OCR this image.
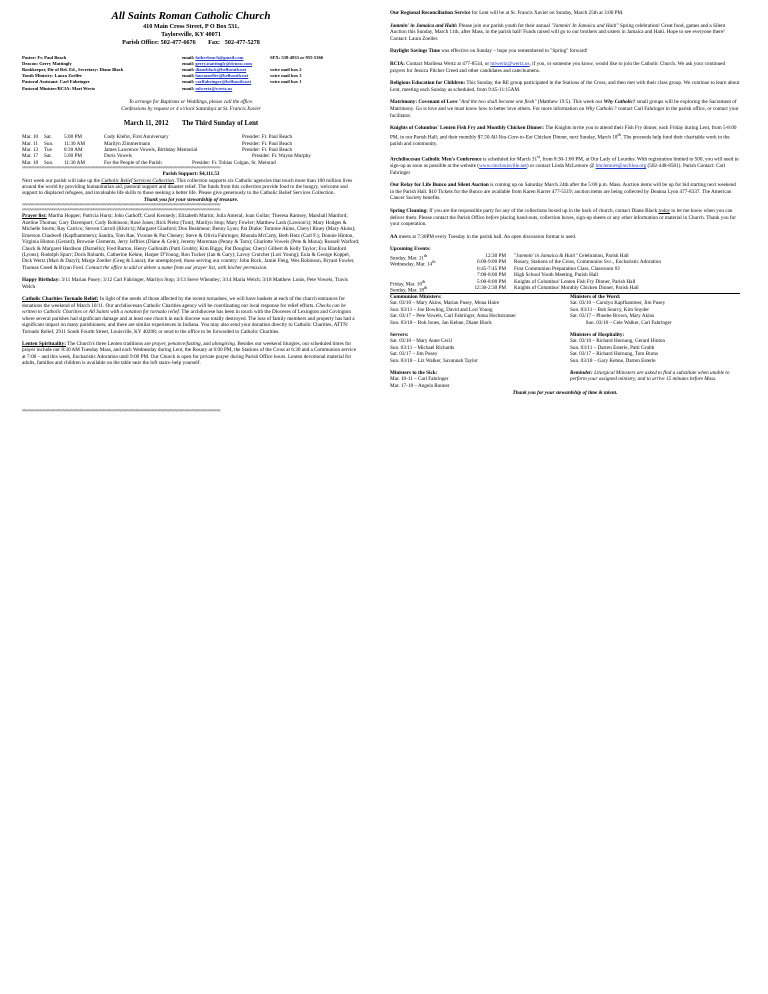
All Saints Roman Catholic Church

410 Main Cross Street, P O Box 531,

Taylorsville, KY 40071

Parish Office: 502-477-6676        Fax:   502-477-5278

Pastor: Fr. Paul Beach	email: fatherbeach@gmail.com	SFX: 538-4933 or 955-5366
Deacon: Gerry Mattingly	email: gerry.mattingly@dcnow.com
Bookkeeper, Dir of Rel. Ed., Secretary: Diane Black	email: dianeblack@bellsouth.net	voice mail box 2
Youth Ministry: Laura Zoeller	email: laurazoeller@bellsouth.net	voice mail box 3
Pastoral Assistant: Carl Fahringer	email: carlfahringer@bellsouth.net	voice mail box 1
Pastoral Minister/RCIA: Mari Wertz	email: mlwertz@wertz.us

To arrange for Baptisms or Weddings, please call the office.

Confessions by request or 4 o'clock Saturdays at St. Francis Xavier

March 11, 2012        The Third Sunday of Lent

Mar. 10 Sat. 5:00 PM	Cody Klefot, First Anniversary	Presider: Fr. Paul Beach
Mar. 11 Sun. 11:30 AM	Marilyn Zimmermann	Presider: Fr. Paul Beach
Mar. 13 Tue 8:30 AM	James Lawrence Vowels, Birthday Memorial	Presider: Fr. Paul Beach
Mar. 17 Sat. 5:00 PM	Doris Vowels	Presider: Fr. Wayne Murphy
Mar. 18 Sun. 11:30 AM	For the People of the Parish	Presider: Fr. Tobias Colgan, St. Meinrad
≈≈≈≈≈≈≈≈≈≈≈≈≈≈≈≈≈≈≈≈≈≈≈≈≈≈≈≈≈≈≈≈≈≈≈≈≈≈≈≈≈≈≈≈≈≈≈≈≈≈≈≈≈≈≈≈≈≈≈≈≈≈≈≈≈≈≈≈≈≈≈≈≈≈≈≈≈≈

Parish Support: $4,111.53

Next week our parish will take up the Catholic Relief Services Collection. This collection supports six Catholic agencies that touch more than 100 million lives around the world by providing humanitarian aid, pastoral support and disaster relief. The funds from this collection provide food to the hungry, welcome and support to displaced refugees, and invaluable life skills to those seeking a better life. Please give generously to the Catholic Relief Services Collection.

Thank you for your stewardship of treasure.

≈≈≈≈≈≈≈≈≈≈≈≈≈≈≈≈≈≈≈≈≈≈≈≈≈≈≈≈≈≈≈≈≈≈≈≈≈≈≈≈≈≈≈≈≈≈≈≈≈≈≈≈≈≈≈≈≈≈≈≈≈≈≈≈≈≈≈≈≈≈≈≈≈≈≈≈≈≈
≈≈≈≈≈≈≈≈≈≈≈≈≈≈≈≈≈≈≈≈≈≈≈≈≈≈≈≈≈≈≈≈≈≈≈≈≈≈≈≈≈≈≈≈≈≈≈≈≈≈≈≈≈≈≈≈≈≈≈≈≈≈≈≈≈≈≈≈≈≈≈≈≈≈≈≈≈≈

Prayer list: Martha Hopper; Patricia Hurst; John Gathoff; Carol Kennedy; Elizabeth Martin; Julia Ameral; Joan Gollar; Theresa Ramsey, Marshall Manford; Azeline Thomas; Gary Davenport; Cody Robinson; Rose Jones; Rick Pleitz (Tom); Marilyn Stop; Mary Fowler; Matthew Lash (Lawson's); Mary Hodges & Michelle Storm; Ray Carrico; Steven Carroll (Klotz's); Margaret Glasford; Don Beahmear; Benny Lyon; Pat Drake; Tommie Akins, Cheryl Riney (Mary Akins); Emerson Chadwell (Kapfhammers); Sandra, Tom Rae, Yvonne & Pat Cheney; Steve & Olivia Fahringer, Rhonda McCarty, Beth Hotz (Carl F.); Donnie Hinton, Virginia Hinton (Gerard); Brownie Clements, Jerry Jeffries (Diane & Cele); Jeremy Moreman (Penny & Tom); Charlotte Vowels (Pete & Mona); Russell Warford; Chuck & Margaret Hardison (Darnells); Fred Barton, Henry Galbraith (Patti Grubb); Kim Riggs; Pat Douglas; Cheryl Gilbert & Kelly Taylor; Eva Blanford (Lyons); Rudolph Spurr; Doris Robards, Catherine Kehne, Harper D'Young, Ron Tucker (Jan & Gary); Lavoy Crutcher (Lori Young); Eula & George Koppel, Dick Wertz (Mari & Daryl); Marge Zoeller (Greg & Laura); the unemployed; those serving our country: John Rock, Jamie Fleig, Wes Robinson, Bryant Fowler, Thomas Creed & Bryan Ford. Contact the office to add or delete a name from our prayer list, with his/her permission.

Happy Birthday: 3/11 Marian Pusey; 3/12 Carl Fahringer, Marilyn Stop; 3/13 Steve Wheatley; 3/14 Maria Welch; 3/18 Matthew Lonis, Pete Vowels, Travis Welch

Catholic Charities Tornado Relief: In light of the needs of those affected by the recent tornadoes, we will have baskets at each of the church entrances for donations the weekend of March 10/11. Our archdiocesan Catholic Charities agency will be coordinating our local response for relief efforts. Checks can be written to Catholic Charities or All Saints with a notation for tornado relief. The archdiocese has been in touch with the Dioceses of Lexington and Covington where several parishes had significant damage and at least one church in each diocese was totally destroyed. The loss of family members and property has had a significant impact on many parishioners, and there are similar experiences in Indiana. You may also send your donation directly to Catholic Charities, ATTN: Tornado Relief, 2911 South Fourth Street, Louisville, KY 40208; or send to the office to be forwarded to Catholic Charities.

Lenten Spirituality: The Church's three Lenten traditions are prayer, penance/fasting, and almsgiving. Besides our weekend liturgies, our scheduled times for prayer include our 8:30 AM Tuesday Mass, and each Wednesday during Lent, the Rosary at 6:00 PM, the Stations of the Cross at 6:30 and a Communion service at 7:00 – and this week, Eucharistic Adoration until 9:00 PM. Our Church is open for private prayer during Parish Office hours. Lenten devotional material for adults, families and children is available on the table near the loft stairs–help yourself.

≈≈≈≈≈≈≈≈≈≈≈≈≈≈≈≈≈≈≈≈≈≈≈≈≈≈≈≈≈≈≈≈≈≈≈≈≈≈≈≈≈≈≈≈≈≈≈≈≈≈≈≈≈≈≈≈≈≈≈≈≈≈≈≈≈≈≈≈≈≈≈≈≈≈≈≈≈≈

Our Regional Reconciliation Service for Lent will be at St. Francis Xavier on Sunday, March 25th at 3:00 PM.

Jammin' in Jamaica and Haiti: Please join our parish youth for their annual "Jammin' In Jamaica and Haiti" Spring celebration! Great food, games and a Silent Auction this Sunday, March 11th, after Mass, in the parish hall! Funds raised will go to our brothers and sisters in Jamaica and Haiti. Hope to see everyone there! Contact: Laura Zoeller.

Daylight Savings Time was effective on Sunday – hope you remembered to "Spring" forward!

RCIA: Contact Marilena Wertz at 477-8534, or mlwertz@wertz.us, if you, or someone you know, would like to join the Catholic Church. We ask your continued prayers for Jessica Pilcher Creed and other candidates and catechumens.

Religious Education for Children: This Sunday, the RE group participated in the Stations of the Cross, and then met with their class group. We continue to learn about Lent, meeting each Sunday as scheduled, from 9:45-11:15AM.

Matrimony: Covenant of Love "And the two shall become one flesh" (Matthew 19:5). This week our Why Catholic? small groups will be exploring the Sacrament of Matrimony. Go is love and we must know how to better love others. For more information on Why Catholic? contact Carl Fahringer in the parish office, or contact your facilitator.

Knights of Columbus' Lenten Fish Fry and Monthly Chicken Dinner: The Knights invite you to attend their Fish Fry dinner, each Friday during Lent, from 5-8:00 PM, in our Parish Hall; and their monthly $7.50 All-You-Care-to-Eat Chicken Dinner, next Sunday, March 18th. The proceeds help fund their charitable work in the parish and community.

Archdiocesan Catholic Men's Conference is scheduled for March 31st, from 8:30-1:00 PM, at Our Lady of Lourdes. With registration limited to 500, you will need to sign-up as soon as possible at the website (www.cmclouisville.net) or contact Linda McLemore @ lmclemore@archlou.org (502-448-8581). Parish Contact: Carl Fahringer

Our Relay for Life Bunco and Silent Auction is coming up on Saturday March 24th after the 5:00 p.m. Mass. Auction items will be up for bid starting next weekend in the Parish Hall. $10 Tickets for the Bunco are available from Karen Karrer 477-5519; auction items are being collected by Deanna Lyon 477-8337. The American Cancer Society benefits.

Spring Cleaning: If you are the responsible party for any of the collections boxed up in the back of church, contact Diane Black today to let me know when you can deliver them. Please contact the Parish Office before placing hand-outs, collection boxes, sign-up sheets or any other information or material in Church. Thank you for your cooperation.

AA meets at 7:30PM every Tuesday in the parish hall. An open discussion format is used.

Upcoming Events:

Sunday, Mar. 11th	12:30 PM "Jammin' in Jamaica & Haiti" Celebration, Parish Hall
Wednesday, Mar. 14th	6:00-9:00 PM Rosary, Stations of the Cross, Communion Svc., Eucharistic Adoration
6:45-7:45 PM First Communion Preparation Class, Classroom #3
7:00-8:00 PM High School Youth Meeting, Parish Hall
Friday, Mar. 16th	5:00-8:00 PM Knights of Columbus' Lenten Fish Fry Dinner, Parish Hall
Sunday, Mar. 18th	12:30-2:30 PM Knights of Columbus' Monthly Chicken Dinner, Parish Hall
Communion Ministers:
Sat. 03/10 – Mary Akins, Marian Pusey, Mona Haire
Sun. 03/11 – Joe Bowling, David and Lori Young
Sat. 03/17 – Pete Vowels, Carl Fahringer, Anna Hochstrasser
Sun. 03/18 – Bob Jones, Jan Kehne, Diane Black
Ministers of the Word:
Sat. 03/10 – Carolyn Kapfhammer, Jim Pusey
Sun. 03/11 – Bob Searcy, Kim Snyder
Sat. 03/17 – Phoebe Brown, Mary Akins
Sun. 03/18 – Cele Walker, Carl Fahringer
Servers:
Sat. 03/10 – Mary Anne Cecil
Sun. 03/11 – Michael Richards
Sat. 03/17 – Jim Pusey
Sun. 03/18 – Liz Walker, Savannah Taylor
Ministers of Hospitality:
Sat. 03/10 – Richard Hornung, Gerard Hinton
Sun. 03/11 – Darren Esterle, Patti Grubb
Sat. 03/17 – Richard Hornung, Tom Burns
Sun. 03/18 – Gary Kehne, Darren Esterle
Ministers to the Sick:
Mar. 10-11 – Carl Fahringer
Mar. 17-18 – Angela Runner
Reminder: Liturgical Ministers are asked to find a substitute when unable to perform your assigned ministry, and to arrive 15 minutes before Mass.

Thank you for your stewardship of time & talent.
